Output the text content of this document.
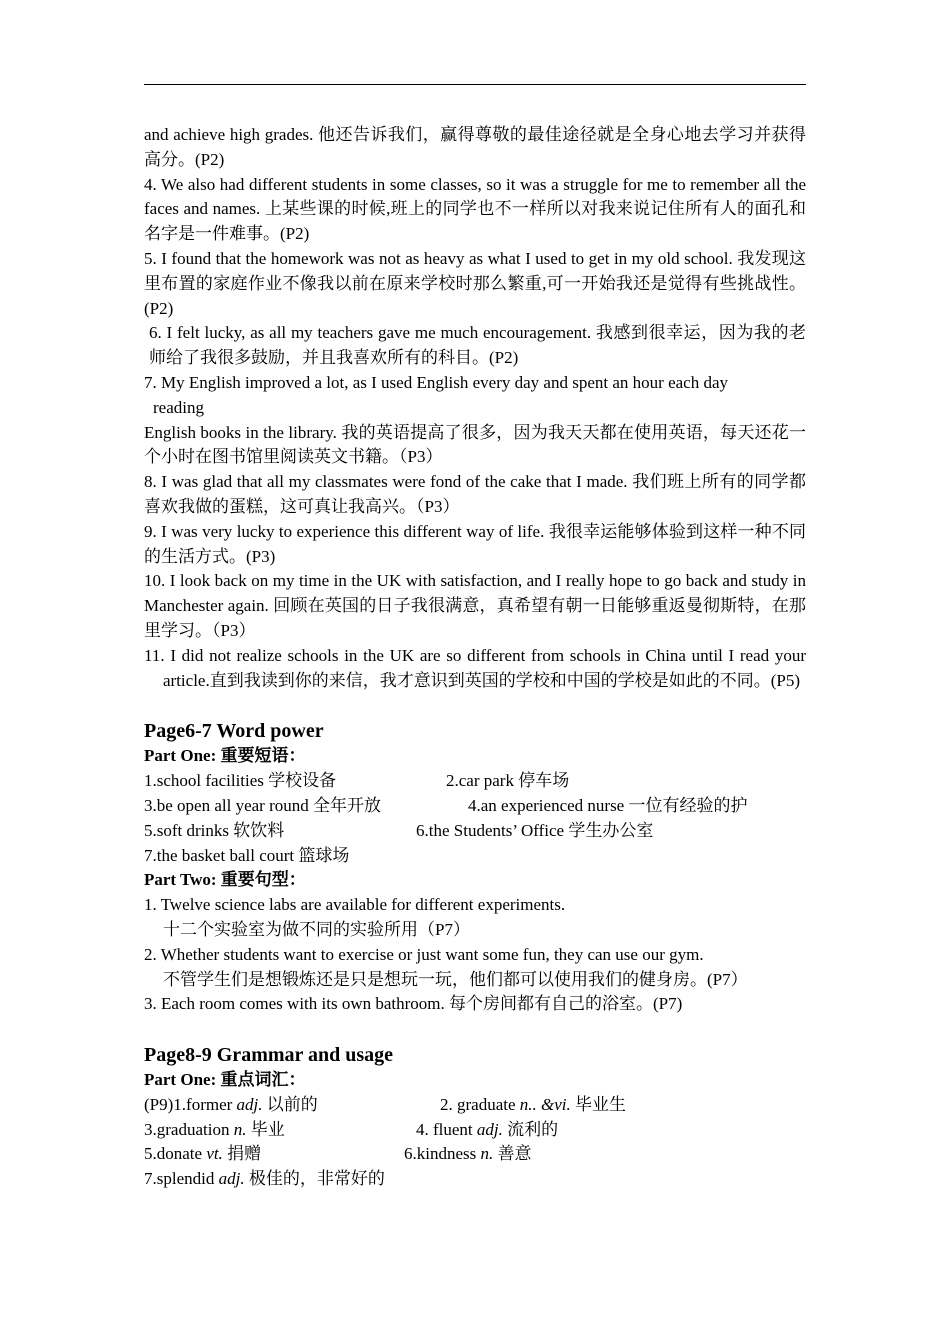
and achieve high grades. 他还告诉我们，赢得尊敬的最佳途径就是全身心地去学习并获得高分。(P2)

4. We also had different students in some classes, so it was a struggle for me to remember all the faces and names. 上某些课的时候,班上的同学也不一样所以对我来说记住所有人的面孔和名字是一件难事。(P2)

5. I found that the homework was not as heavy as what I used to get in my old school. 我发现这里布置的家庭作业不像我以前在原来学校时那么繁重,可一开始我还是觉得有些挑战性。(P2)

6. I felt lucky, as all my teachers gave me much encouragement. 我感到很幸运，因为我的老师给了我很多鼓励，并且我喜欢所有的科目。(P2)

7. My English improved a lot, as I used English every day and spent an hour each day

reading

English books in the library. 我的英语提高了很多，因为我天天都在使用英语，每天还花一个小时在图书馆里阅读英文书籍。（P3）

8. I was glad that all my classmates were fond of the cake that I made. 我们班上所有的同学都喜欢我做的蛋糕，这可真让我高兴。（P3）

9. I was very lucky to experience this different way of life. 我很幸运能够体验到这样一种不同的生活方式。(P3)

10. I look back on my time in the UK with satisfaction, and I really hope to go back and study in Manchester again. 回顾在英国的日子我很满意，真希望有朝一日能够重返曼彻斯特，在那里学习。（P3）

11. I did not realize schools in the UK are so different from schools in China until I read your article.直到我读到你的来信，我才意识到英国的学校和中国的学校是如此的不同。(P5)

Page6-7 Word power

Part One: 重要短语：

1.school facilities 学校设备	2.car park 停车场
3.be open all year round 全年开放	4.an experienced nurse 一位有经验的护
5.soft drinks 软饮料	6.the Students’ Office 学生办公室
7.the basket ball court 篮球场

Part Two: 重要句型：

1. Twelve science labs are available for different experiments.

十二个实验室为做不同的实验所用（P7）

2. Whether students want to exercise or just want some fun, they can use our gym.

不管学生们是想锻炼还是只是想玩一玩，他们都可以使用我们的健身房。(P7）

3. Each room comes with its own bathroom. 每个房间都有自己的浴室。(P7)

Page8-9 Grammar and usage

Part One: 重点词汇：

(P9)1.former adj. 以前的	2. graduate n.. &vi. 毕业生
3.graduation n. 毕业	4. fluent adj. 流利的
5.donate vt. 捐赠	6.kindness n. 善意
7.splendid adj. 极佳的，非常好的
